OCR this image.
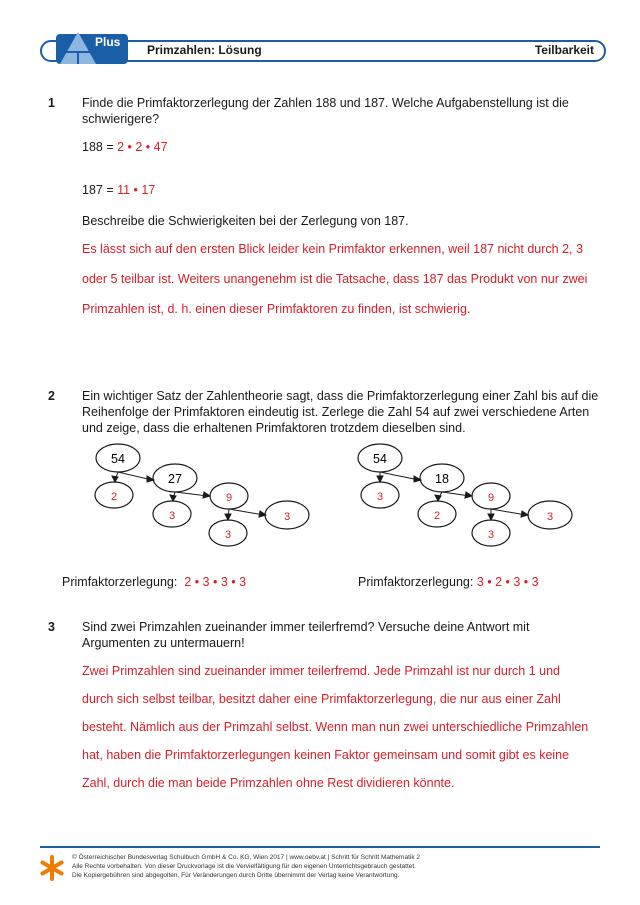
Plus
Primzahlen: Lösung	Teilbarkeit
1 Finde die Primfaktorzerlegung der Zahlen 188 und 187. Welche Aufgabenstellung ist die schwierigere?
188 = 2 • 2 • 47
187 = 11 • 17
Beschreibe die Schwierigkeiten bei der Zerlegung von 187.
Es lässt sich auf den ersten Blick leider kein Primfaktor erkennen, weil 187 nicht durch 2, 3
oder 5 teilbar ist. Weiters unangenehm ist die Tatsache, dass 187 das Produkt von nur zwei
Primzahlen ist, d. h. einen dieser Primfaktoren zu finden, ist schwierig.
2 Ein wichtiger Satz der Zahlentheorie sagt, dass die Primfaktorzerlegung einer Zahl bis auf die Reihenfolge der Primfaktoren eindeutig ist. Zerlege die Zahl 54 auf zwei verschiedene Arten und zeige, dass die erhaltenen Primfaktoren trotzdem dieselben sind.
54
2
27
3
9
3
3
54
3
18
2
9
3
3
Primfaktorzerlegung: 2 • 3 • 3 • 3	Primfaktorzerlegung: 3 • 2 • 3 • 3
3 Sind zwei Primzahlen zueinander immer teilerfremd? Versuche deine Antwort mit Argumenten zu untermauern!
Zwei Primzahlen sind zueinander immer teilerfremd. Jede Primzahl ist nur durch 1 und
durch sich selbst teilbar, besitzt daher eine Primfaktorzerlegung, die nur aus einer Zahl
besteht. Nämlich aus der Primzahl selbst. Wenn man nun zwei unterschiedliche Primzahlen
hat, haben die Primfaktorzerlegungen keinen Faktor gemeinsam und somit gibt es keine
Zahl, durch die man beide Primzahlen ohne Rest dividieren könnte.
© Österreichischer Bundesverlag Schulbuch GmbH & Co. KG, Wien 2017 | www.oebv.at | Schritt für Schritt Mathematik 2
Alle Rechte vorbehalten. Von dieser Druckvorlage ist die Vervielfältigung für den eigenen Unterrichtsgebrauch gestattet.
Die Kopiergebühren sind abgegolten. Für Veränderungen durch Dritte übernimmt der Verlag keine Verantwortung.
